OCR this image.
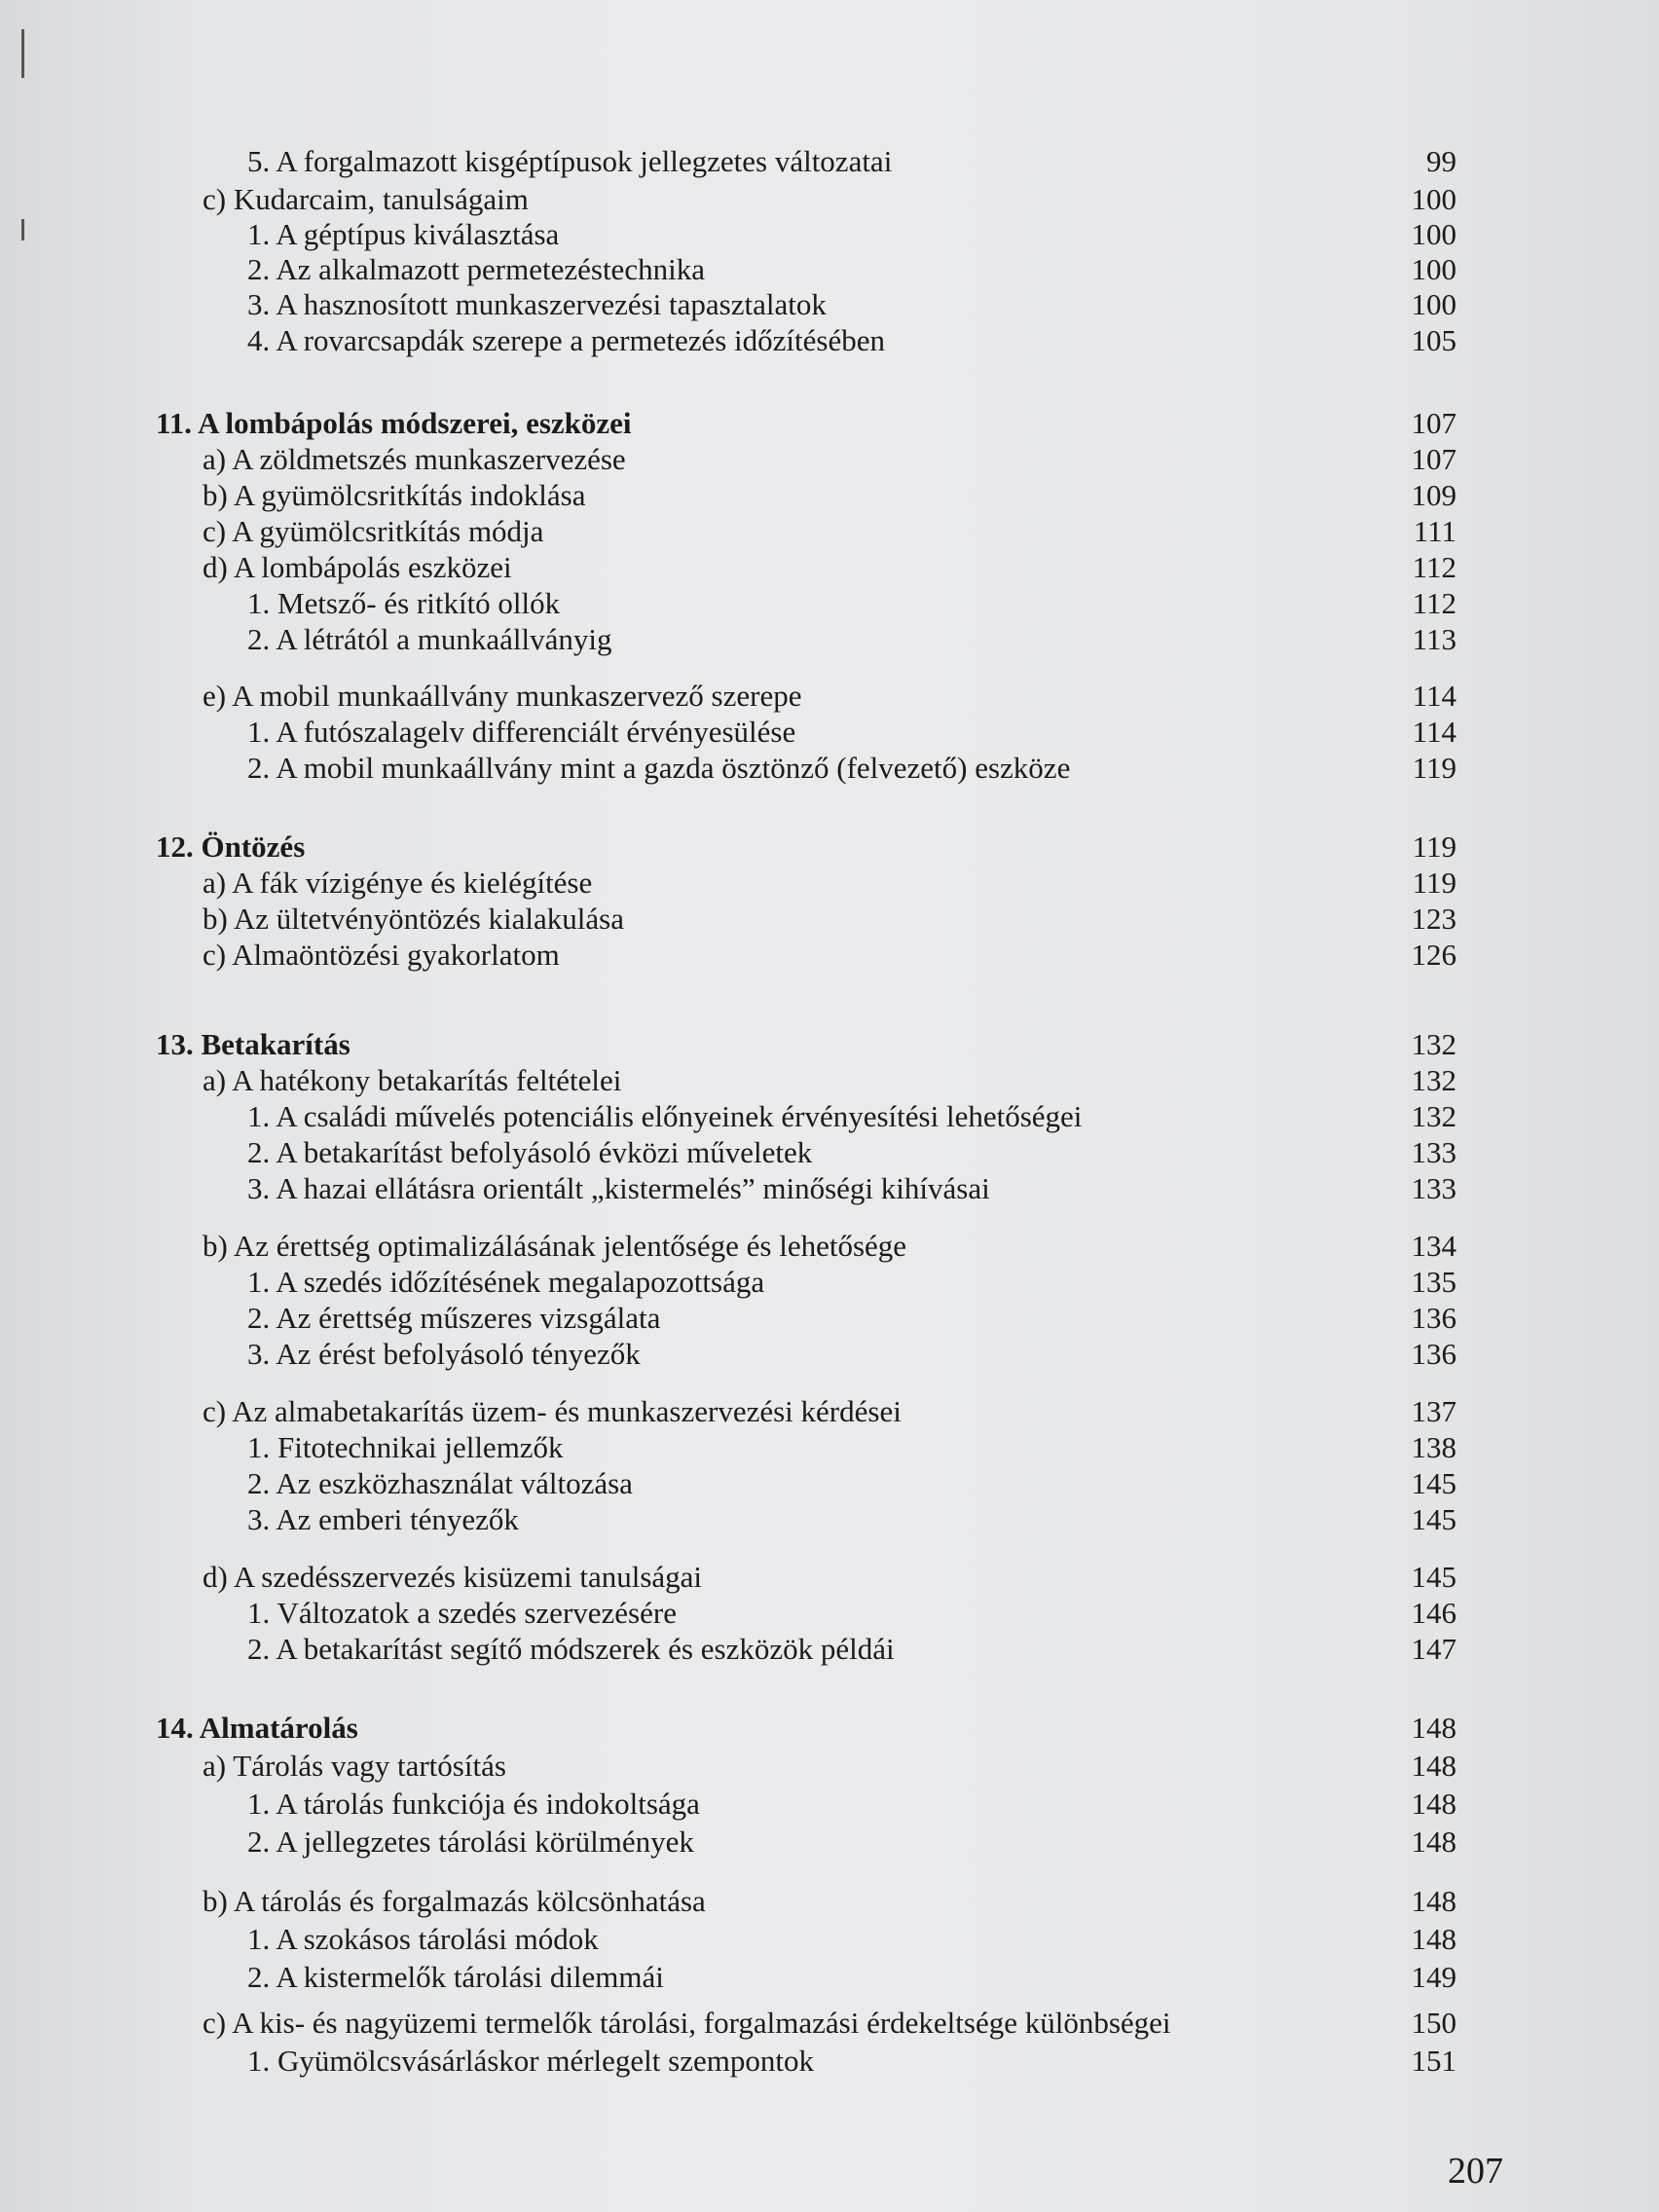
5. A forgalmazott kisgéptípusok jellegzetes változatai	99
c) Kudarcaim, tanulságaim	100
1. A géptípus kiválasztása	100
2. Az alkalmazott permetezéstechnika	100
3. A hasznosított munkaszervezési tapasztalatok	100
4. A rovarcsapdák szerepe a permetezés időzítésében	105
11. A lombápolás módszerei, eszközei	107
a) A zöldmetszés munkaszervezése	107
b) A gyümölcsritkítás indoklása	109
c) A gyümölcsritkítás módja	111
d) A lombápolás eszközei	112
1. Metsző- és ritkító ollók	112
2. A létrától a munkaállványig	113
e) A mobil munkaállvány munkaszervező szerepe	114
1. A futószalagelv differenciált érvényesülése	114
2. A mobil munkaállvány mint a gazda ösztönző (felvezető) eszköze	119
12. Öntözés	119
a) A fák vízigénye és kielégítése	119
b) Az ültetvényöntözés kialakulása	123
c) Almaöntözési gyakorlatom	126
13. Betakarítás	132
a) A hatékony betakarítás feltételei	132
1. A családi művelés potenciális előnyeinek érvényesítési lehetőségei	132
2. A betakarítást befolyásoló évközi műveletek	133
3. A hazai ellátásra orientált „kistermelés” minőségi kihívásai	133
b) Az érettség optimalizálásának jelentősége és lehetősége	134
1. A szedés időzítésének megalapozottsága	135
2. Az érettség műszeres vizsgálata	136
3. Az érést befolyásoló tényezők	136
c) Az almabetakarítás üzem- és munkaszervezési kérdései	137
1. Fitotechnikai jellemzők	138
2. Az eszközhasználat változása	145
3. Az emberi tényezők	145
d) A szedésszervezés kisüzemi tanulságai	145
1. Változatok a szedés szervezésére	146
2. A betakarítást segítő módszerek és eszközök példái	147
14. Almatárolás	148
a) Tárolás vagy tartósítás	148
1. A tárolás funkciója és indokoltsága	148
2. A jellegzetes tárolási körülmények	148
b) A tárolás és forgalmazás kölcsönhatása	148
1. A szokásos tárolási módok	148
2. A kistermelők tárolási dilemmái	149
c) A kis- és nagyüzemi termelők tárolási, forgalmazási érdekeltsége különbségei	150
1. Gyümölcsvásárláskor mérlegelt szempontok	151
207
